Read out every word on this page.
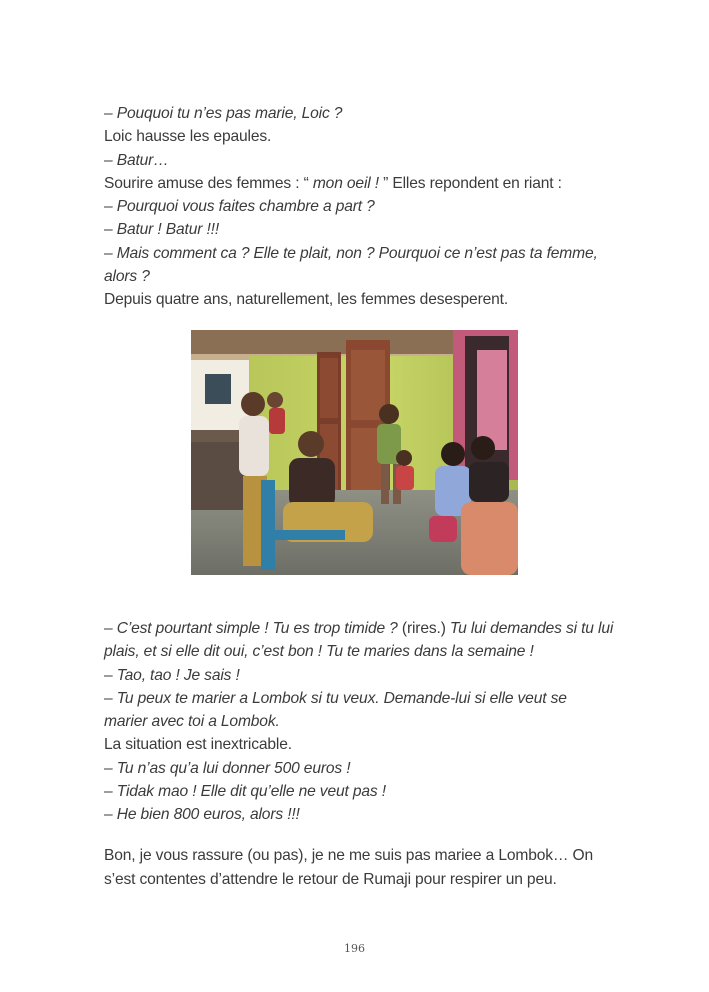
– Pouquoi tu n’es pas marie, Loic ?

Loic hausse les epaules.

– Batur…

Sourire amuse des femmes : “ mon oeil ! ” Elles repondent en riant :

– Pourquoi vous faites chambre a part ?

– Batur ! Batur !!!

– Mais comment ca ? Elle te plait, non ? Pourquoi ce n’est pas ta femme, alors ?

Depuis quatre ans, naturellement, les femmes desesperent.

– C’est pourtant simple ! Tu es trop timide ? (rires.) Tu lui demandes si tu lui plais, et si elle dit oui, c’est bon ! Tu te maries dans la semaine !

– Tao, tao ! Je sais !

– Tu peux te marier a Lombok si tu veux. Demande-lui si elle veut se marier avec toi a Lombok.

La situation est inextricable.

– Tu n’as qu’a lui donner 500 euros !

– Tidak mao ! Elle dit qu’elle ne veut pas !

– He bien 800 euros, alors !!!

Bon, je vous rassure (ou pas), je ne me suis pas mariee a Lombok… On s’est contentes d’attendre le retour de Rumaji pour respirer un peu.

196
